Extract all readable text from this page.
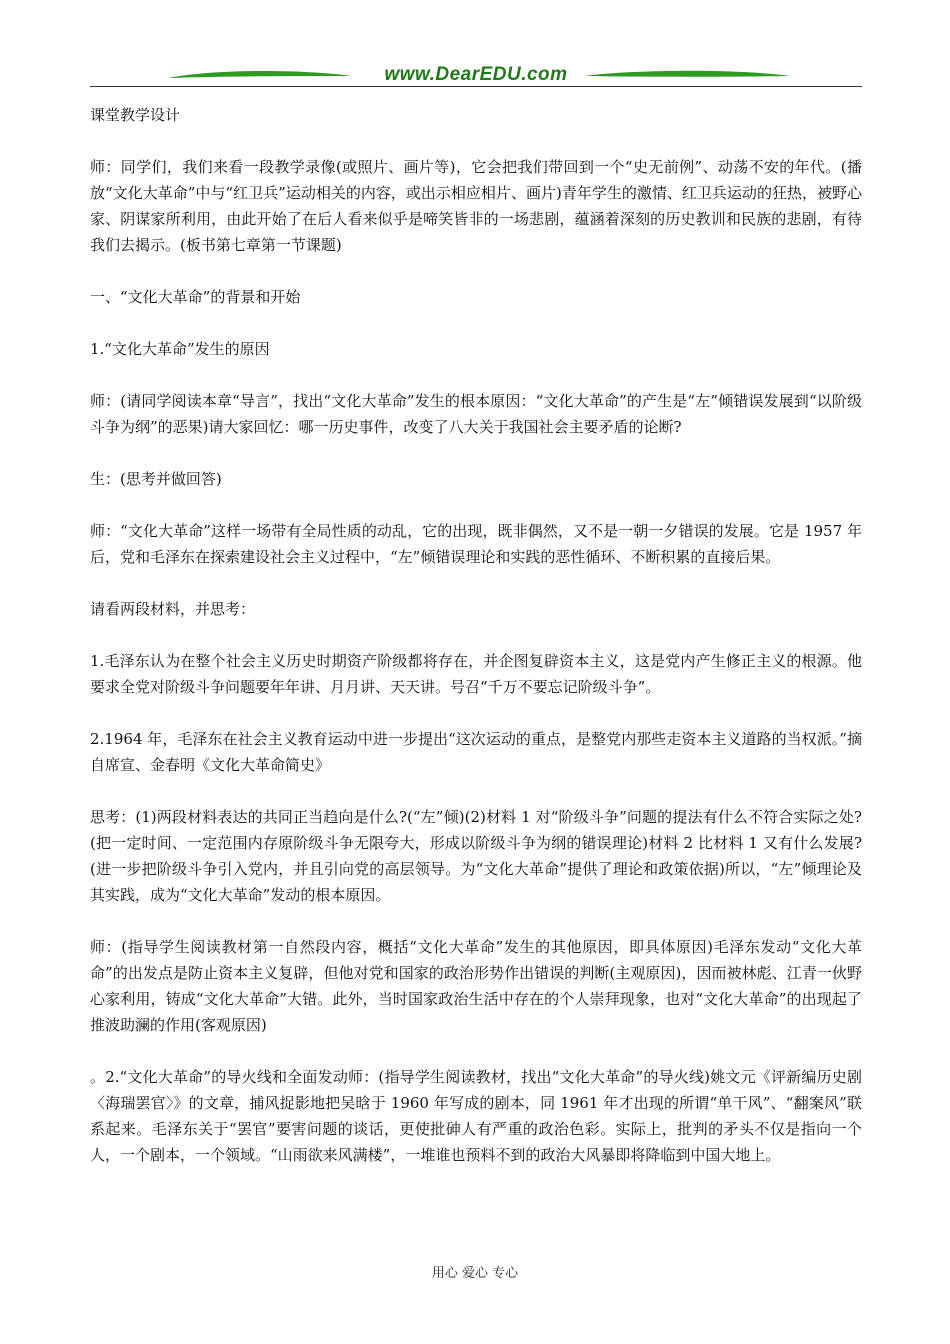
www.DearEDU.com

课堂教学设计

师：同学们，我们来看一段教学录像(或照片、画片等)，它会把我们带回到一个“史无前例”、动荡不安的年代。(播放“文化大革命”中与“红卫兵”运动相关的内容，或出示相应相片、画片)青年学生的激情、红卫兵运动的狂热，被野心家、阴谋家所利用，由此开始了在后人看来似乎是啼笑皆非的一场悲剧，蕴涵着深刻的历史教训和民族的悲剧，有待我们去揭示。(板书第七章第一节课题)

一、“文化大革命”的背景和开始

1.“文化大革命”发生的原因

师：(请同学阅读本章“导言”，找出“文化大革命”发生的根本原因：“文化大革命”的产生是“左”倾错误发展到“以阶级斗争为纲”的恶果)请大家回忆：哪一历史事件，改变了八大关于我国社会主要矛盾的论断?

生：(思考并做回答)

师：“文化大革命”这样一场带有全局性质的动乱，它的出现，既非偶然，又不是一朝一夕错误的发展。它是 1957 年后，党和毛泽东在探索建设社会主义过程中，“左”倾错误理论和实践的恶性循环、不断积累的直接后果。

请看两段材料，并思考：

1.毛泽东认为在整个社会主义历史时期资产阶级都将存在，并企图复辟资本主义，这是党内产生修正主义的根源。他要求全党对阶级斗争问题要年年讲、月月讲、天天讲。号召“千万不要忘记阶级斗争”。

2.1964 年，毛泽东在社会主义教育运动中进一步提出“这次运动的重点，是整党内那些走资本主义道路的当权派。”摘自席宣、金春明《文化大革命简史》

思考：(1)两段材料表达的共同正当趋向是什么?(“左”倾)(2)材料 1 对“阶级斗争”问题的提法有什么不符合实际之处?(把一定时间、一定范围内存原阶级斗争无限夸大，形成以阶级斗争为纲的错误理论)材料 2 比材料 1 又有什么发展?(进一步把阶级斗争引入党内，并且引向党的高层领导。为“文化大革命”提供了理论和政策依据)所以，“左”倾理论及其实践，成为“文化大革命”发动的根本原因。

师：(指导学生阅读教材第一自然段内容，概括“文化大革命”发生的其他原因，即具体原因)毛泽东发动“文化大革命”的出发点是防止资本主义复辟，但他对党和国家的政治形势作出错误的判断(主观原因)，因而被林彪、江青一伙野心家利用，铸成“文化大革命”大错。此外，当时国家政治生活中存在的个人崇拜现象，也对“文化大革命”的出现起了推波助澜的作用(客观原因)

。2.“文化大革命”的导火线和全面发动师：(指导学生阅读教材，找出“文化大革命”的导火线)姚文元《评新编历史剧〈海瑞罢官〉》的文章，捕风捉影地把吴晗于 1960 年写成的剧本，同 1961 年才出现的所谓“单干风”、“翻案风”联系起来。毛泽东关于“罢官”要害问题的谈话，更使批砷人有严重的政治色彩。实际上，批判的矛头不仅是指向一个人，一个剧本，一个领域。“山雨欲来风满楼”，一堆谁也预料不到的政治大风暴即将降临到中国大地上。

用心 爱心 专心
